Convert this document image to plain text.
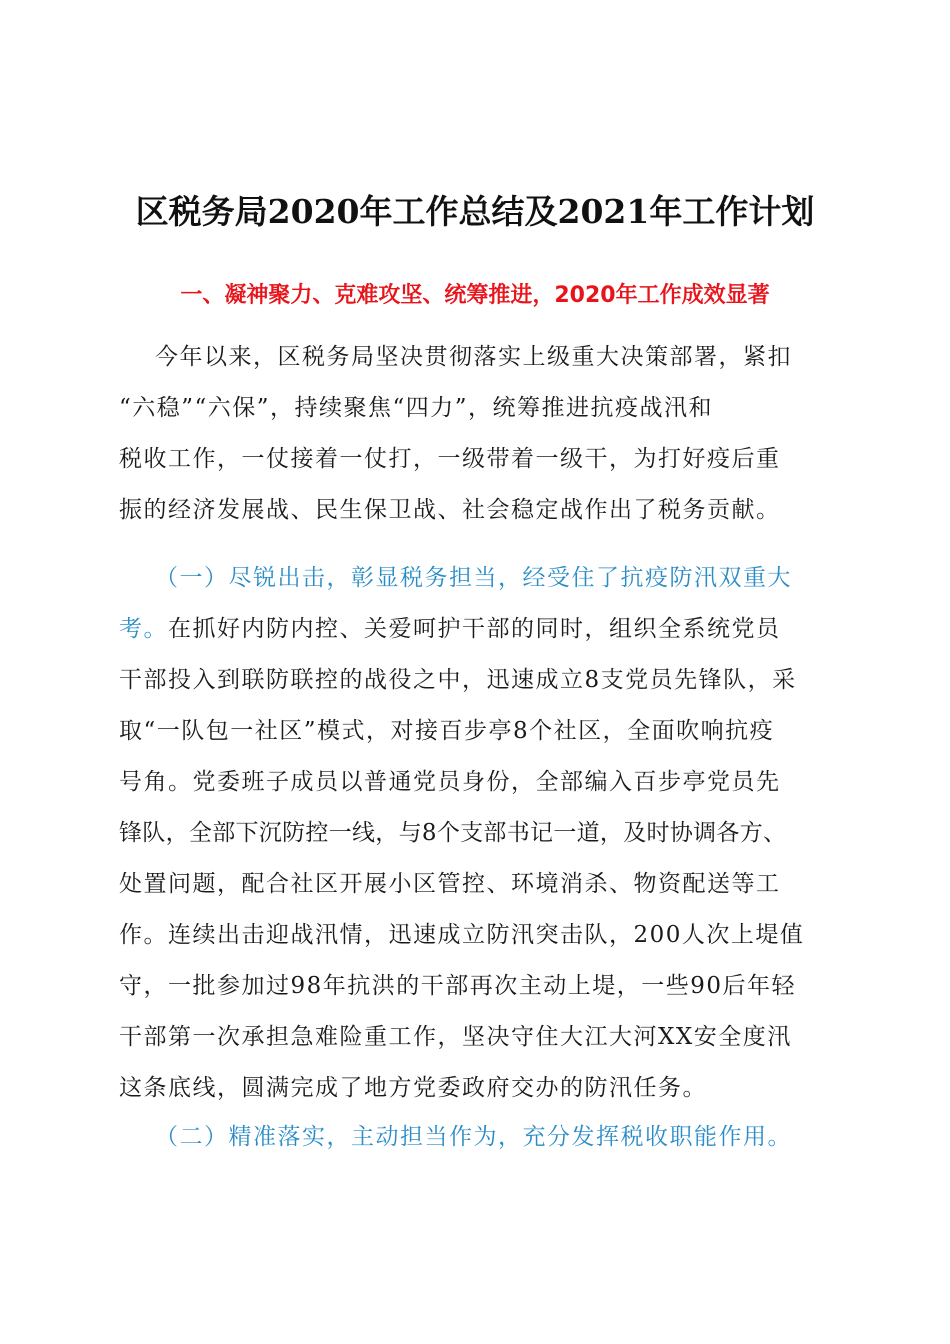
区税务局2020年工作总结及2021年工作计划
一、凝神聚力、克难攻坚、统筹推进，2020年工作成效显著
今年以来，区税务局坚决贯彻落实上级重大决策部署，紧扣
“六稳”“六保”，持续聚焦“四力”，统筹推进抗疫战汛和
税收工作，一仗接着一仗打，一级带着一级干，为打好疫后重
振的经济发展战、民生保卫战、社会稳定战作出了税务贡献。
（一）尽锐出击，彰显税务担当，经受住了抗疫防汛双重大
考。在抓好内防内控、关爱呵护干部的同时，组织全系统党员
干部投入到联防联控的战役之中，迅速成立8支党员先锋队，采
取“一队包一社区”模式，对接百步亭8个社区，全面吹响抗疫
号角。党委班子成员以普通党员身份，全部编入百步亭党员先
锋队，全部下沉防控一线，与8个支部书记一道，及时协调各方、
处置问题，配合社区开展小区管控、环境消杀、物资配送等工
作。连续出击迎战汛情，迅速成立防汛突击队，200人次上堤值
守，一批参加过98年抗洪的干部再次主动上堤，一些90后年轻
干部第一次承担急难险重工作，坚决守住大江大河XX安全度汛
这条底线，圆满完成了地方党委政府交办的防汛任务。
（二）精准落实，主动担当作为，充分发挥税收职能作用。
